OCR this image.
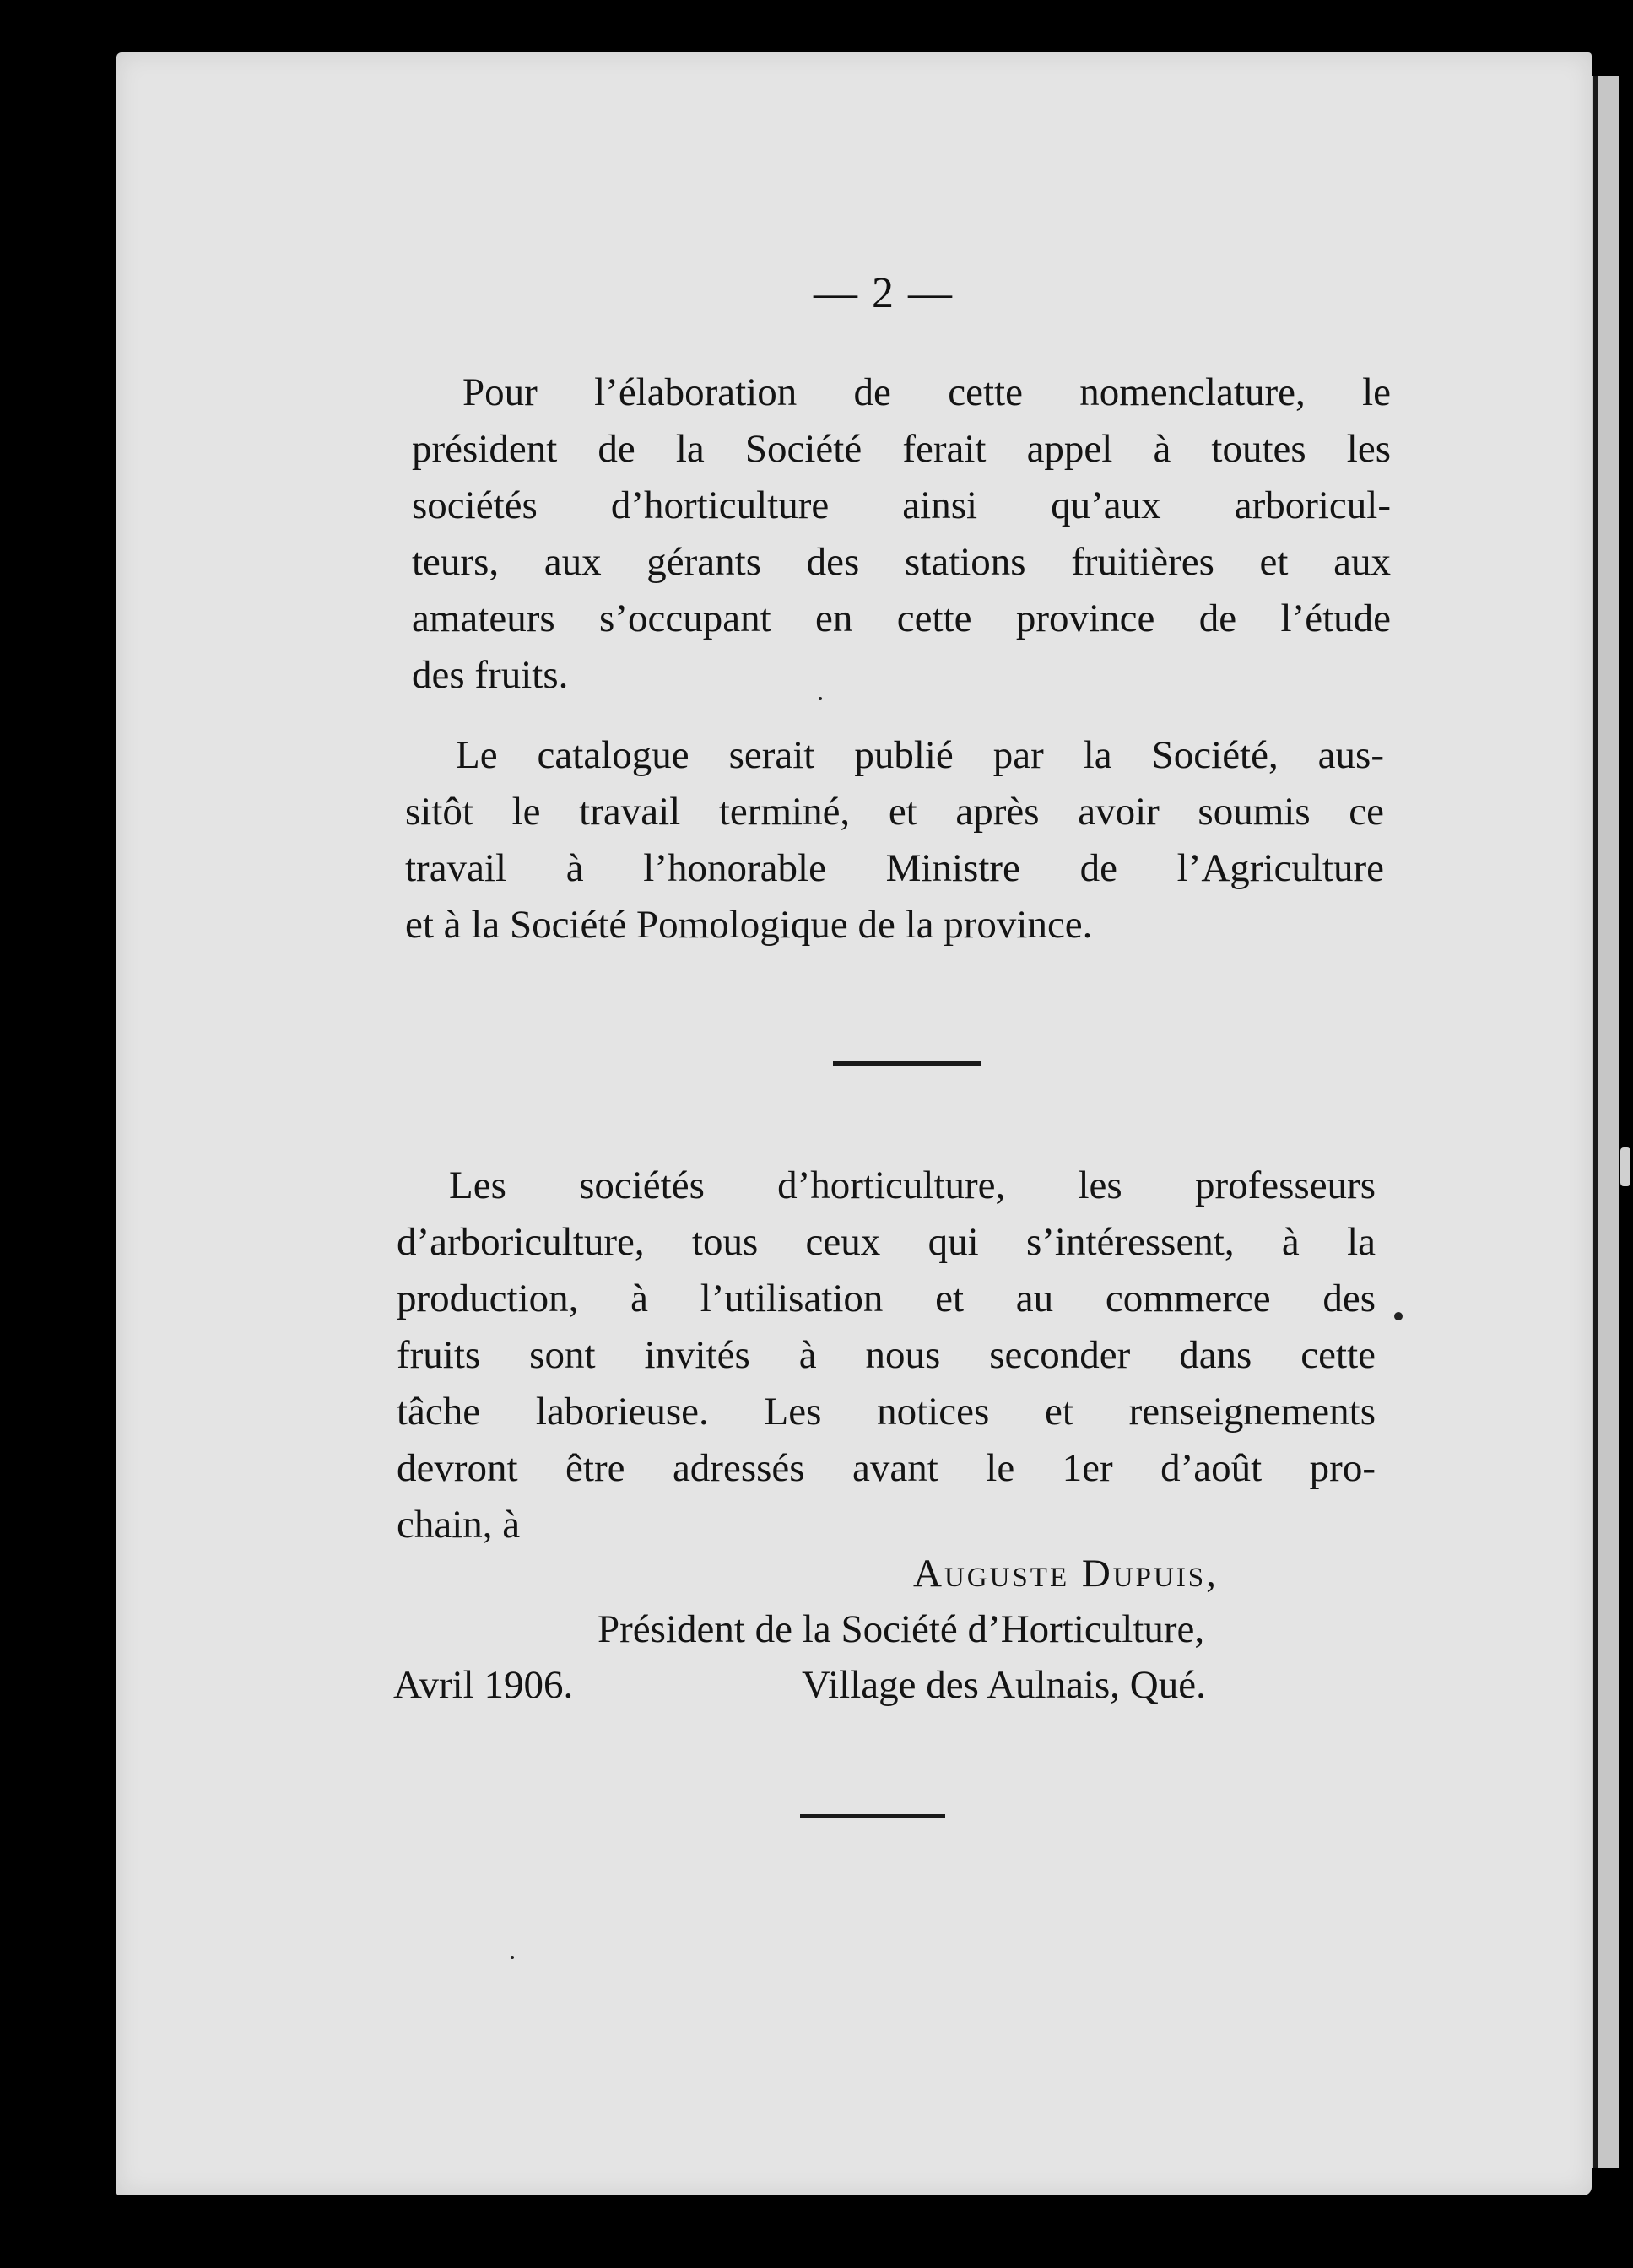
— 2 —
Pour l’élaboration de cette nomenclature, le
président de la Société ferait appel à toutes les
sociétés d’horticulture ainsi qu’aux arboricul-
teurs, aux gérants des stations fruitières et aux
amateurs s’occupant en cette province de l’étude
des fruits.
Le catalogue serait publié par la Société, aus-
sitôt le travail terminé, et après avoir soumis ce
travail à l’honorable Ministre de l’Agriculture
et à la Société Pomologique de la province.
Les sociétés d’horticulture, les professeurs
d’arboriculture, tous ceux qui s’intéressent, à la
production, à l’utilisation et au commerce des
fruits sont invités à nous seconder dans cette
tâche laborieuse. Les notices et renseignements
devront être adressés avant le 1er d’août pro-
chain, à
Auguste Dupuis,
Président de la Société d’Horticulture,
Avril 1906.	Village des Aulnais, Qué.
